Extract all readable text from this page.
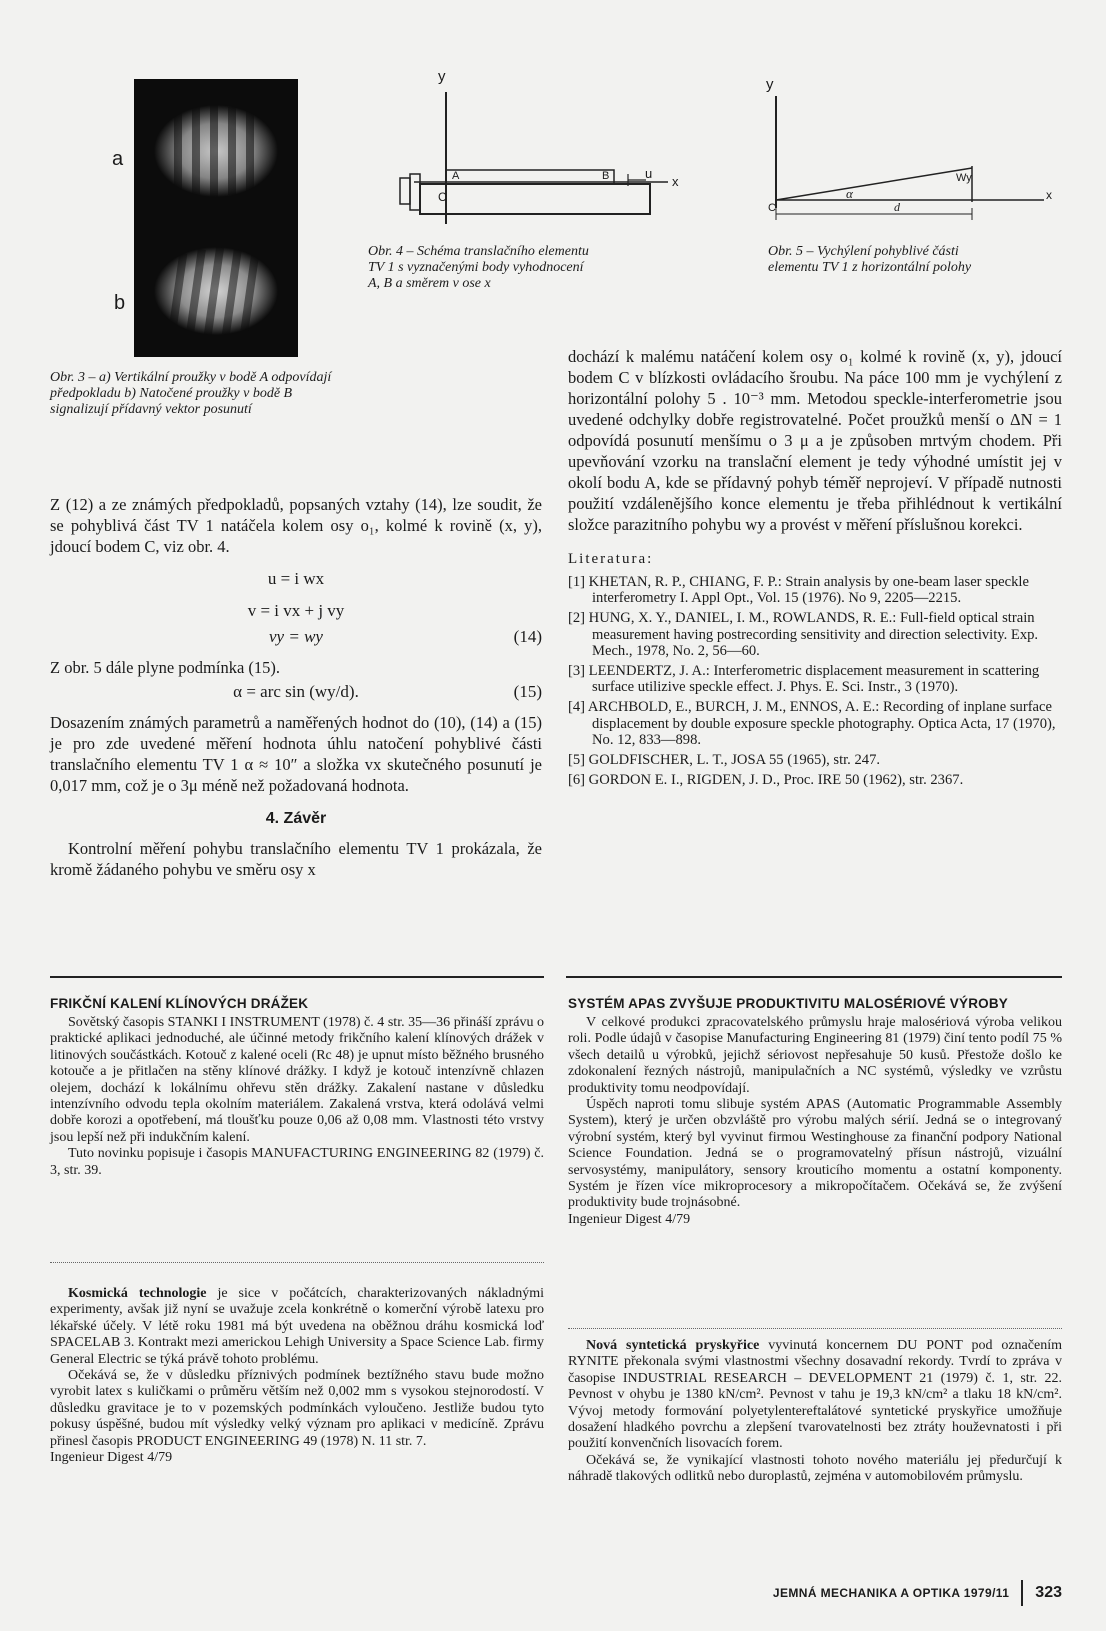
a
b
Obr. 3 – a) Vertikální proužky v bodě A odpovídají předpokladu b) Natočené proužky v bodě B signalizují přídavný vektor posunutí
y
x
A	B
C
u
Obr. 4 – Schéma translačního elementu
TV 1 s vyznačenými body vyhodnocení
A, B a směrem v ose x
y
x
C
α
d
Wy
Obr. 5 – Vychýlení pohyblivé části
elementu TV 1 z horizontální polohy

Z (12) a ze známých předpokladů, popsaných vztahy (14), lze soudit, že se pohyblivá část TV 1 natáčela kolem osy o₁, kolmé k rovině (x, y), jdoucí bodem C, viz obr. 4.

u = i wx
v = i vx + j vy
vy = wy	(14)

Z obr. 5 dále plyne podmínka (15).

α = arc sin (wy/d).	(15)

Dosazením známých parametrů a naměřených hodnot do (10), (14) a (15) je pro zde uvedené měření hodnota úhlu natočení pohyblivé části translačního elementu TV 1 α ≈ 10″ a složka vx skutečného posunutí je 0,017 mm, což je o 3μ méně než požadovaná hodnota.

4. Závěr

Kontrolní měření pohybu translačního elementu TV 1 prokázala, že kromě žádaného pohybu ve směru osy x

dochází k malému natáčení kolem osy o₁ kolmé k rovině (x, y), jdoucí bodem C v blízkosti ovládacího šroubu. Na páce 100 mm je vychýlení z horizontální polohy 5 . 10⁻³ mm. Metodou speckle-interferometrie jsou uvedené odchylky dobře registrovatelné. Počet proužků menší o ΔN = 1 odpovídá posunutí menšímu o 3 μ a je způsoben mrtvým chodem. Při upevňování vzorku na translační element je tedy výhodné umístit jej v okolí bodu A, kde se přídavný pohyb téměř neprojeví. V případě nutnosti použití vzdálenějšího konce elementu je třeba přihlédnout k vertikální složce parazitního pohybu wy a provést v měření příslušnou korekci.

Literatura:

[1] KHETAN, R. P., CHIANG, F. P.: Strain analysis by one-beam laser speckle interferometry I. Appl Opt., Vol. 15 (1976). No 9, 2205—2215.

[2] HUNG, X. Y., DANIEL, I. M., ROWLANDS, R. E.: Full-field optical strain measurement having postrecording sensitivity and direction selectivity. Exp. Mech., 1978, No. 2, 56—60.

[3] LEENDERTZ, J. A.: Interferometric displacement measurement in scattering surface utilizive speckle effect. J. Phys. E. Sci. Instr., 3 (1970).

[4] ARCHBOLD, E., BURCH, J. M., ENNOS, A. E.: Recording of inplane surface displacement by double exposure speckle photography. Optica Acta, 17 (1970), No. 12, 833—898.

[5] GOLDFISCHER, L. T., JOSA 55 (1965), str. 247.

[6] GORDON E. I., RIGDEN, J. D., Proc. IRE 50 (1962), str. 2367.

FRIKČNÍ KALENÍ KLÍNOVÝCH DRÁŽEK

Sovětský časopis STANKI I INSTRUMENT (1978) č. 4 str. 35—36 přináší zprávu o praktické aplikaci jednoduché, ale účinné metody frikčního kalení klínových drážek v litinových součástkách. Kotouč z kalené oceli (Rc 48) je upnut místo běžného brusného kotouče a je přitlačen na stěny klínové drážky. I když je kotouč intenzívně chlazen olejem, dochází k lokálnímu ohřevu stěn drážky. Zakalení nastane v důsledku intenzívního odvodu tepla okolním materiálem. Zakalená vrstva, která odolává velmi dobře korozi a opotřebení, má tloušťku pouze 0,06 až 0,08 mm. Vlastnosti této vrstvy jsou lepší než při indukčním kalení.

Tuto novinku popisuje i časopis MANUFACTURING ENGINEERING 82 (1979) č. 3, str. 39.

Kosmická technologie je sice v počátcích, charakterizovaných nákladnými experimenty, avšak již nyní se uvažuje zcela konkrétně o komerční výrobě latexu pro lékařské účely. V létě roku 1981 má být uvedena na oběžnou dráhu kosmická loď SPACELAB 3. Kontrakt mezi americkou Lehigh University a Space Science Lab. firmy General Electric se týká právě tohoto problému.

Očekává se, že v důsledku příznivých podmínek beztížného stavu bude možno vyrobit latex s kuličkami o průměru větším než 0,002 mm s vysokou stejnorodostí. V důsledku gravitace je to v pozemských podmínkách vyloučeno. Jestliže budou tyto pokusy úspěšné, budou mít výsledky velký význam pro aplikaci v medicíně. Zprávu přinesl časopis PRODUCT ENGINEERING 49 (1978) N. 11 str. 7.

Ingenieur Digest 4/79

SYSTÉM APAS ZVYŠUJE PRODUKTIVITU MALOSÉRIOVÉ VÝROBY

V celkové produkci zpracovatelského průmyslu hraje malosériová výroba velikou roli. Podle údajů v časopise Manufacturing Engineering 81 (1979) činí tento podíl 75 % všech detailů u výrobků, jejichž sériovost nepřesahuje 50 kusů. Přestože došlo ke zdokonalení řezných nástrojů, manipulačních a NC systémů, výsledky ve vzrůstu produktivity tomu neodpovídají.

Úspěch naproti tomu slibuje systém APAS (Automatic Programmable Assembly System), který je určen obzvláště pro výrobu malých sérií. Jedná se o integrovaný výrobní systém, který byl vyvinut firmou Westinghouse za finanční podpory National Science Foundation. Jedná se o programovatelný přísun nástrojů, vizuální servosystémy, manipulátory, sensory krouticího momentu a ostatní komponenty. Systém je řízen více mikroprocesory a mikropočítačem. Očekává se, že zvýšení produktivity bude trojnásobné.

Ingenieur Digest 4/79

Nová syntetická pryskyřice vyvinutá koncernem DU PONT pod označením RYNITE překonala svými vlastnostmi všechny dosavadní rekordy. Tvrdí to zpráva v časopise INDUSTRIAL RESEARCH – DEVELOPMENT 21 (1979) č. 1, str. 22. Pevnost v ohybu je 1380 kN/cm². Pevnost v tahu je 19,3 kN/cm² a tlaku 18 kN/cm². Vývoj metody formování polyetylentereftalátové syntetické pryskyřice umožňuje dosažení hladkého povrchu a zlepšení tvarovatelnosti bez ztráty houževnatosti i při použití konvenčních lisovacích forem.

Očekává se, že vynikající vlastnosti tohoto nového materiálu jej předurčují k náhradě tlakových odlitků nebo duroplastů, zejména v automobilovém průmyslu.

JEMNÁ MECHANIKA A OPTIKA 1979/11 323
